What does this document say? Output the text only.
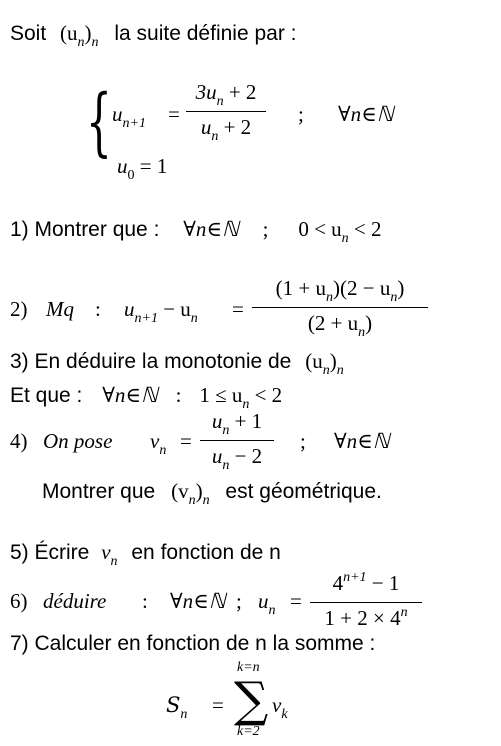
Soit $(u_n)_n$ la suite définie par :
{ $u_{n+1}$ =
$3u_n + 2$
$u_n + 2$
; ∀n∈ℕ
$u_0 = 1$
1) Montrer que : ∀n∈ℕ ; $0 < u_n < 2$
2) Mq : $u_{n+1} - u_n$ =
$(1 + u_n)(2 - u_n)$
$(2 + u_n)$
3) En déduire la monotonie de $(u_n)_n$
Et que : ∀n∈ℕ : $1 \le u_n < 2$
4) On pose $v_n$ =
$u_n + 1$
$u_n - 2$
; ∀n∈ℕ
Montrer que $(v_n)_n$ est géométrique.
5) Écrire $v_n$ en fonction de n
6) déduire : ∀n∈ℕ ; $u_n$ =
$4^{n+1} - 1$
$1 + 2 \times 4^n$
7) Calculer en fonction de n la somme :
$S_n$ =
k=n
∑
k=2
$v_k$
